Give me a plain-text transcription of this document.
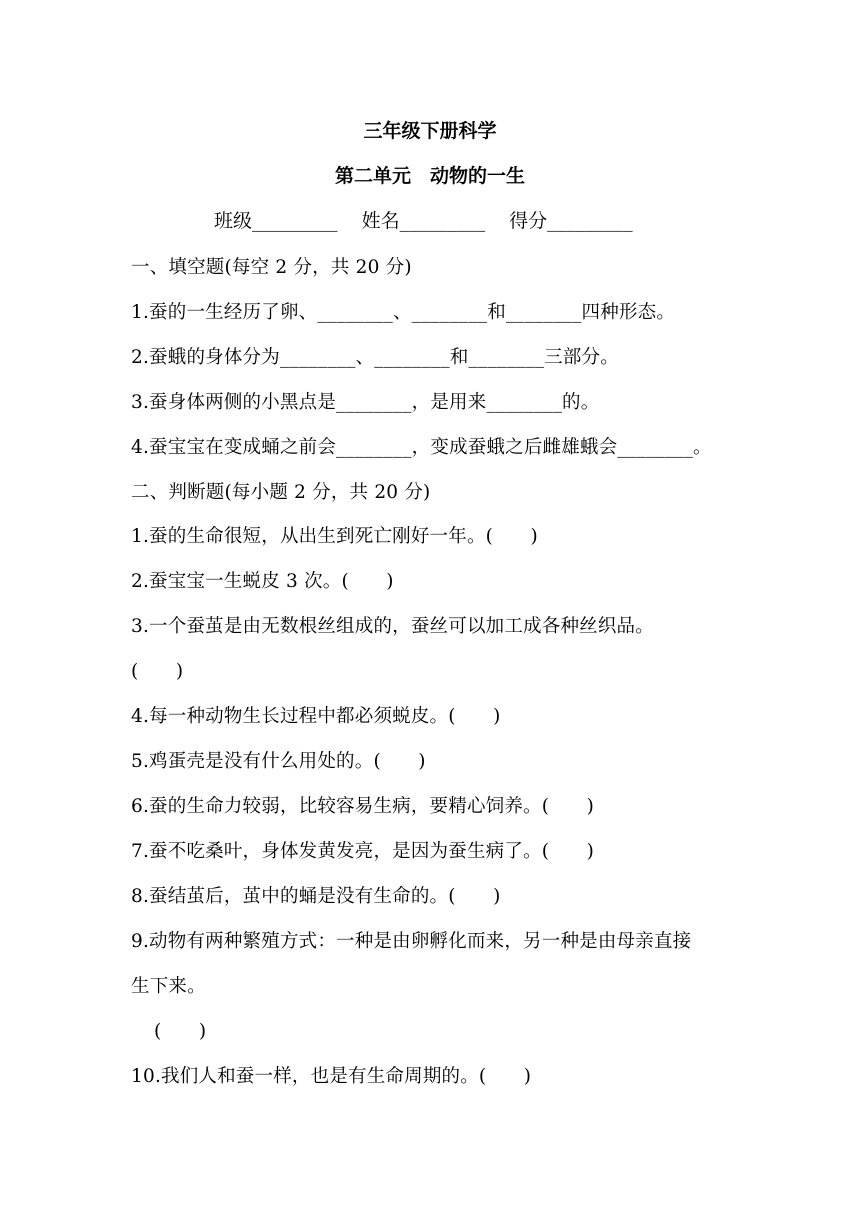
三年级下册科学
第二单元　动物的一生
班级_________ 姓名_________ 得分_________
一、填空题(每空 2 分，共 20 分)
1.蚕的一生经历了卵、________、________和________四种形态。
2.蚕蛾的身体分为________、________和________三部分。
3.蚕身体两侧的小黑点是________，是用来________的。
4.蚕宝宝在变成蛹之前会________，变成蚕蛾之后雌雄蛾会________。
二、判断题(每小题 2 分，共 20 分)
1.蚕的生命很短，从出生到死亡刚好一年。(　　)
2.蚕宝宝一生蜕皮 3 次。(　　)
3.一个蚕茧是由无数根丝组成的，蚕丝可以加工成各种丝织品。
(　　)
4.每一种动物生长过程中都必须蜕皮。(　　)
5.鸡蛋壳是没有什么用处的。(　　)
6.蚕的生命力较弱，比较容易生病，要精心饲养。(　　)
7.蚕不吃桑叶，身体发黄发亮，是因为蚕生病了。(　　)
8.蚕结茧后，茧中的蛹是没有生命的。(　　)
9.动物有两种繁殖方式：一种是由卵孵化而来，另一种是由母亲直接
生下来。
(　　)
10.我们人和蚕一样，也是有生命周期的。(　　)
